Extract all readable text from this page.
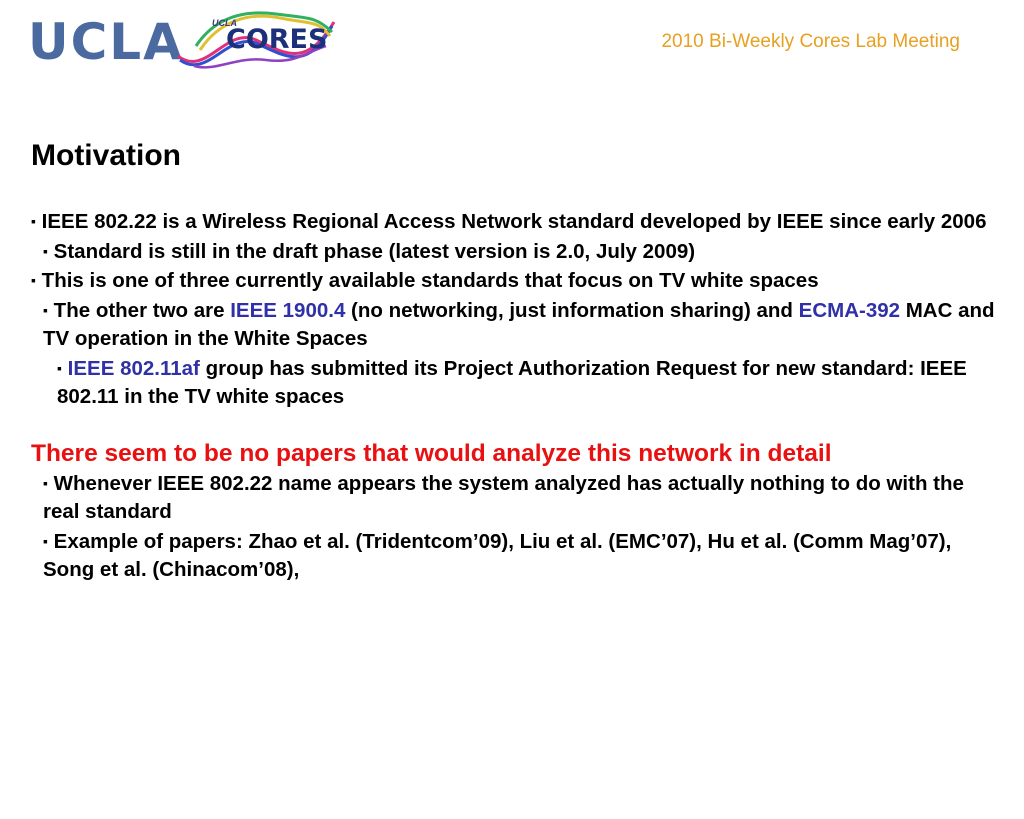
UCLA	UCLA
CORES	2010 Bi-Weekly Cores Lab Meeting
Motivation

▪ IEEE 802.22 is a Wireless Regional Access Network standard developed by IEEE since early 2006

▪ Standard is still in the draft phase (latest version is 2.0, July 2009)

▪ This is one of three currently available standards that focus on TV white spaces

▪ The other two are IEEE 1900.4 (no networking, just information sharing) and ECMA-392 MAC and TV operation in the White Spaces

▪ IEEE 802.11af group has submitted its Project Authorization Request for new standard: IEEE 802.11 in the TV white spaces

There seem to be no papers that would analyze this network in detail

▪ Whenever IEEE 802.22 name appears the system analyzed has actually nothing to do with the real standard

▪ Example of papers: Zhao et al. (Tridentcom’09), Liu et al. (EMC’07), Hu et al. (Comm Mag’07), Song et al. (Chinacom’08),
